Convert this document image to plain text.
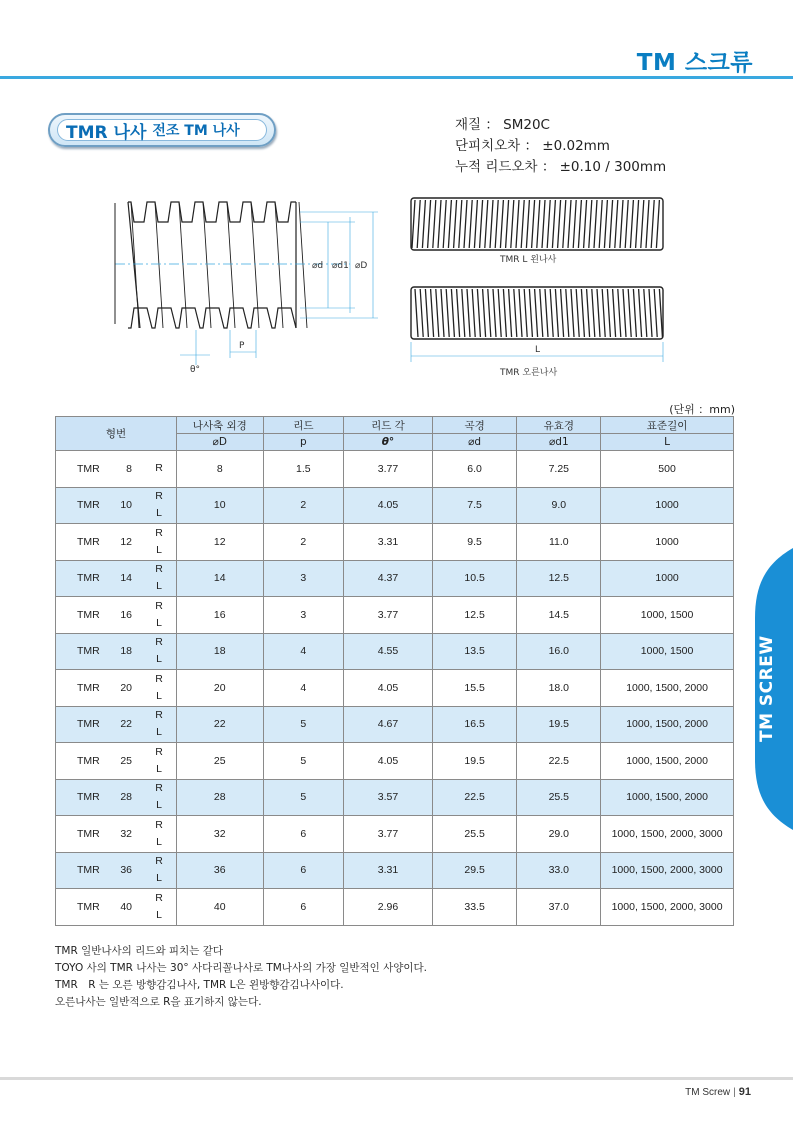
TM 스크류
TMR 나사 전조 TM 나사	재질 ： SM20C
단피치오차 ： ±0.02mm
누적 리드오차 ： ±0.10 / 300mm
⌀d ⌀d1 ⌀D
P
θ°
TMR L 왼나사
L
TMR 오른나사
(단위 ：mm)
형번	나사축 외경	리드	리드 각	곡경	유효경	표준길이
	⌀D	p	θ°	⌀d	⌀d1	L

TMR 8 R	8	1.5	3.77	6.0	7.25	500

TMR 10
R
L	10	2	4.05	7.5	9.0	1000

TMR 12
R
L	12	2	3.31	9.5	11.0	1000

TMR 14
R
L	14	3	4.37	10.5	12.5	1000

TMR 16
R
L	16	3	3.77	12.5	14.5	1000, 1500

TMR 18
R
L	18	4	4.55	13.5	16.0	1000, 1500

TMR 20
R
L	20	4	4.05	15.5	18.0	1000, 1500, 2000

TMR 22
R
L	22	5	4.67	16.5	19.5	1000, 1500, 2000

TMR 25
R
L	25	5	4.05	19.5	22.5	1000, 1500, 2000

TMR 28
R
L	28	5	3.57	22.5	25.5	1000, 1500, 2000

TMR 32
R
L	32	6	3.77	25.5	29.0	1000, 1500, 2000, 3000

TMR 36
R
L	36	6	3.31	29.5	33.0	1000, 1500, 2000, 3000

TMR 40
R
L	40	6	2.96	33.5	37.0	1000, 1500, 2000, 3000
TMR 일반나사의 리드와 피치는 같다
TOYO 사의 TMR 나사는 30° 사다리꼴나사로 TM나사의 가장 일반적인 사양이다.
TMR　R 는 오른 방향감김나사, TMR L은 왼방향감김나사이다.
오른나사는 일반적으로 R을 표기하지 않는다.
TM SCREW
TM Screw | 91
